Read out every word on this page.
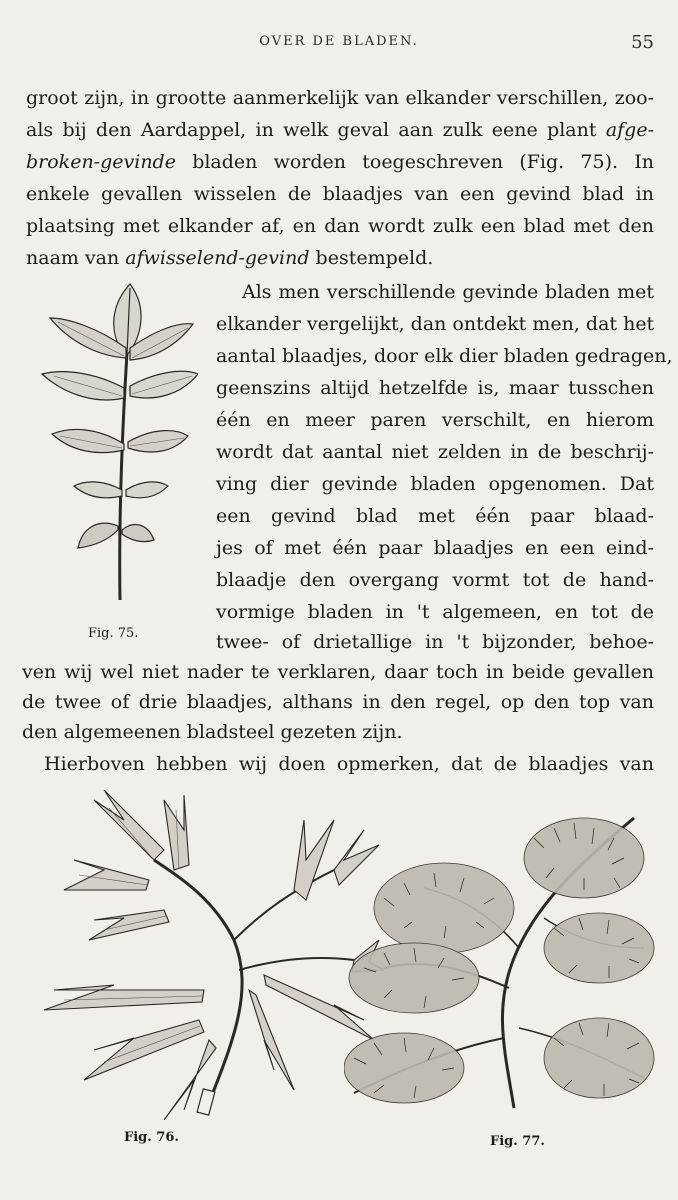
OVER DE BLADEN.	55
groot zijn, in grootte aanmerkelijk van elkander verschillen, zoo-
als bij den Aardappel, in welk geval aan zulk eene plant afge-
broken-gevinde bladen worden toegeschreven (Fig. 75). In
enkele gevallen wisselen de blaadjes van een gevind blad in
plaatsing met elkander af, en dan wordt zulk een blad met den
naam van afwisselend-gevind bestempeld.
Fig. 75.
Als men verschillende gevinde bladen met
elkander vergelijkt, dan ontdekt men, dat het
aantal blaadjes, door elk dier bladen gedragen,
geenszins altijd hetzelfde is, maar tusschen
één en meer paren verschilt, en hierom
wordt dat aantal niet zelden in de beschrij-
ving dier gevinde bladen opgenomen. Dat
een gevind blad met één paar blaad-
jes of met één paar blaadjes en een eind-
blaadje den overgang vormt tot de hand-
vormige bladen in 't algemeen, en tot de
twee- of drietallige in 't bijzonder, behoe-
ven wij wel niet nader te verklaren, daar toch in beide gevallen
de twee of drie blaadjes, althans in den regel, op den top van
den algemeenen bladsteel gezeten zijn.
Hierboven hebben wij doen opmerken, dat de blaadjes van
Fig. 76.	Fig. 77.
